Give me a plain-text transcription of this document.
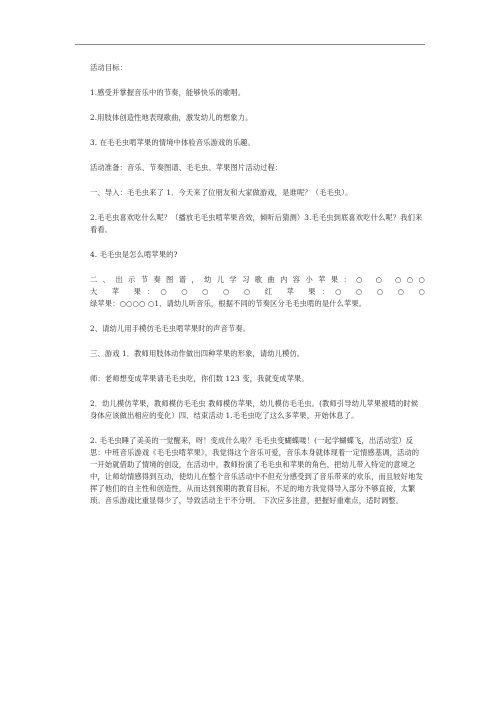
活动目标：

1.感受并掌握音乐中的节奏，能够快乐的歌唱。

2.用肢体创造性地表现歌曲，激发幼儿的想象力。

3. 在毛毛虫啃苹果的情境中体验音乐游戏的乐趣。

活动准备：音乐、节奏图谱、毛毛虫、苹果图片活动过程：

一、导入：毛毛虫来了 1．今天来了位朋友和大家做游戏，是谁呢？（毛毛虫）。

2.毛毛虫喜欢吃什么呢？（播放毛毛虫啃苹果音效，倾听后猜测）3.毛毛虫到底喜欢吃什么呢？我们来看看。

4. 毛毛虫是怎么啃苹果的?

二、出示节奏图谱，幼儿学习歌曲内容小苹果：○ ○ ○○○

大 苹 果：○ ○ ○ ○ ○ 红 苹 果：○ ○ ○ ○ ○

绿苹果：○○○○ ○1、请幼儿听音乐，根据不同的节奏区分毛毛虫啃的是什么苹果。

2、请幼儿用手模仿毛毛虫啃苹果时的声音节奏。

三、游戏 1．教师用肢体动作做出四种苹果的形象，请幼儿模仿。

师：老师想变成苹果请毛毛虫吃，你们数 123 变，我就变成苹果。

2．幼儿模仿苹果，教师模仿毛毛虫 教师模仿苹果，幼儿模仿毛毛虫。(教师引导幼儿苹果被啃的时候身体应该做出相应的变化）四、结束活动 1.毛毛虫吃了这么多苹果，开始休息了。

2. 毛毛虫睡了美美的一觉醒来，呀！变成什么啦？毛毛虫变蝴蝶喽！(一起学蝴蝶飞，出活动室）反思：中班音乐游戏《毛毛虫啃苹果》，我觉得这个音乐可爱，音乐本身就体现着一定情感基调，活动的一开始就借助了情境的创设，在活动中，教师扮演了毛毛虫和苹果的角色，把幼儿带入特定的意境之中，让师幼情感得到互动，使幼儿在整个音乐活动中不但充分感受到了音乐带来的欢乐，而且较好地发挥了他们的自主性和创造性，从而达到预期的教育目标，不足的地方我觉得导入部分不够直接，太繁琐。音乐游戏比重显得少了，导致活动主干不分明。 下次应多注意，把握好重难点，适时调整。
